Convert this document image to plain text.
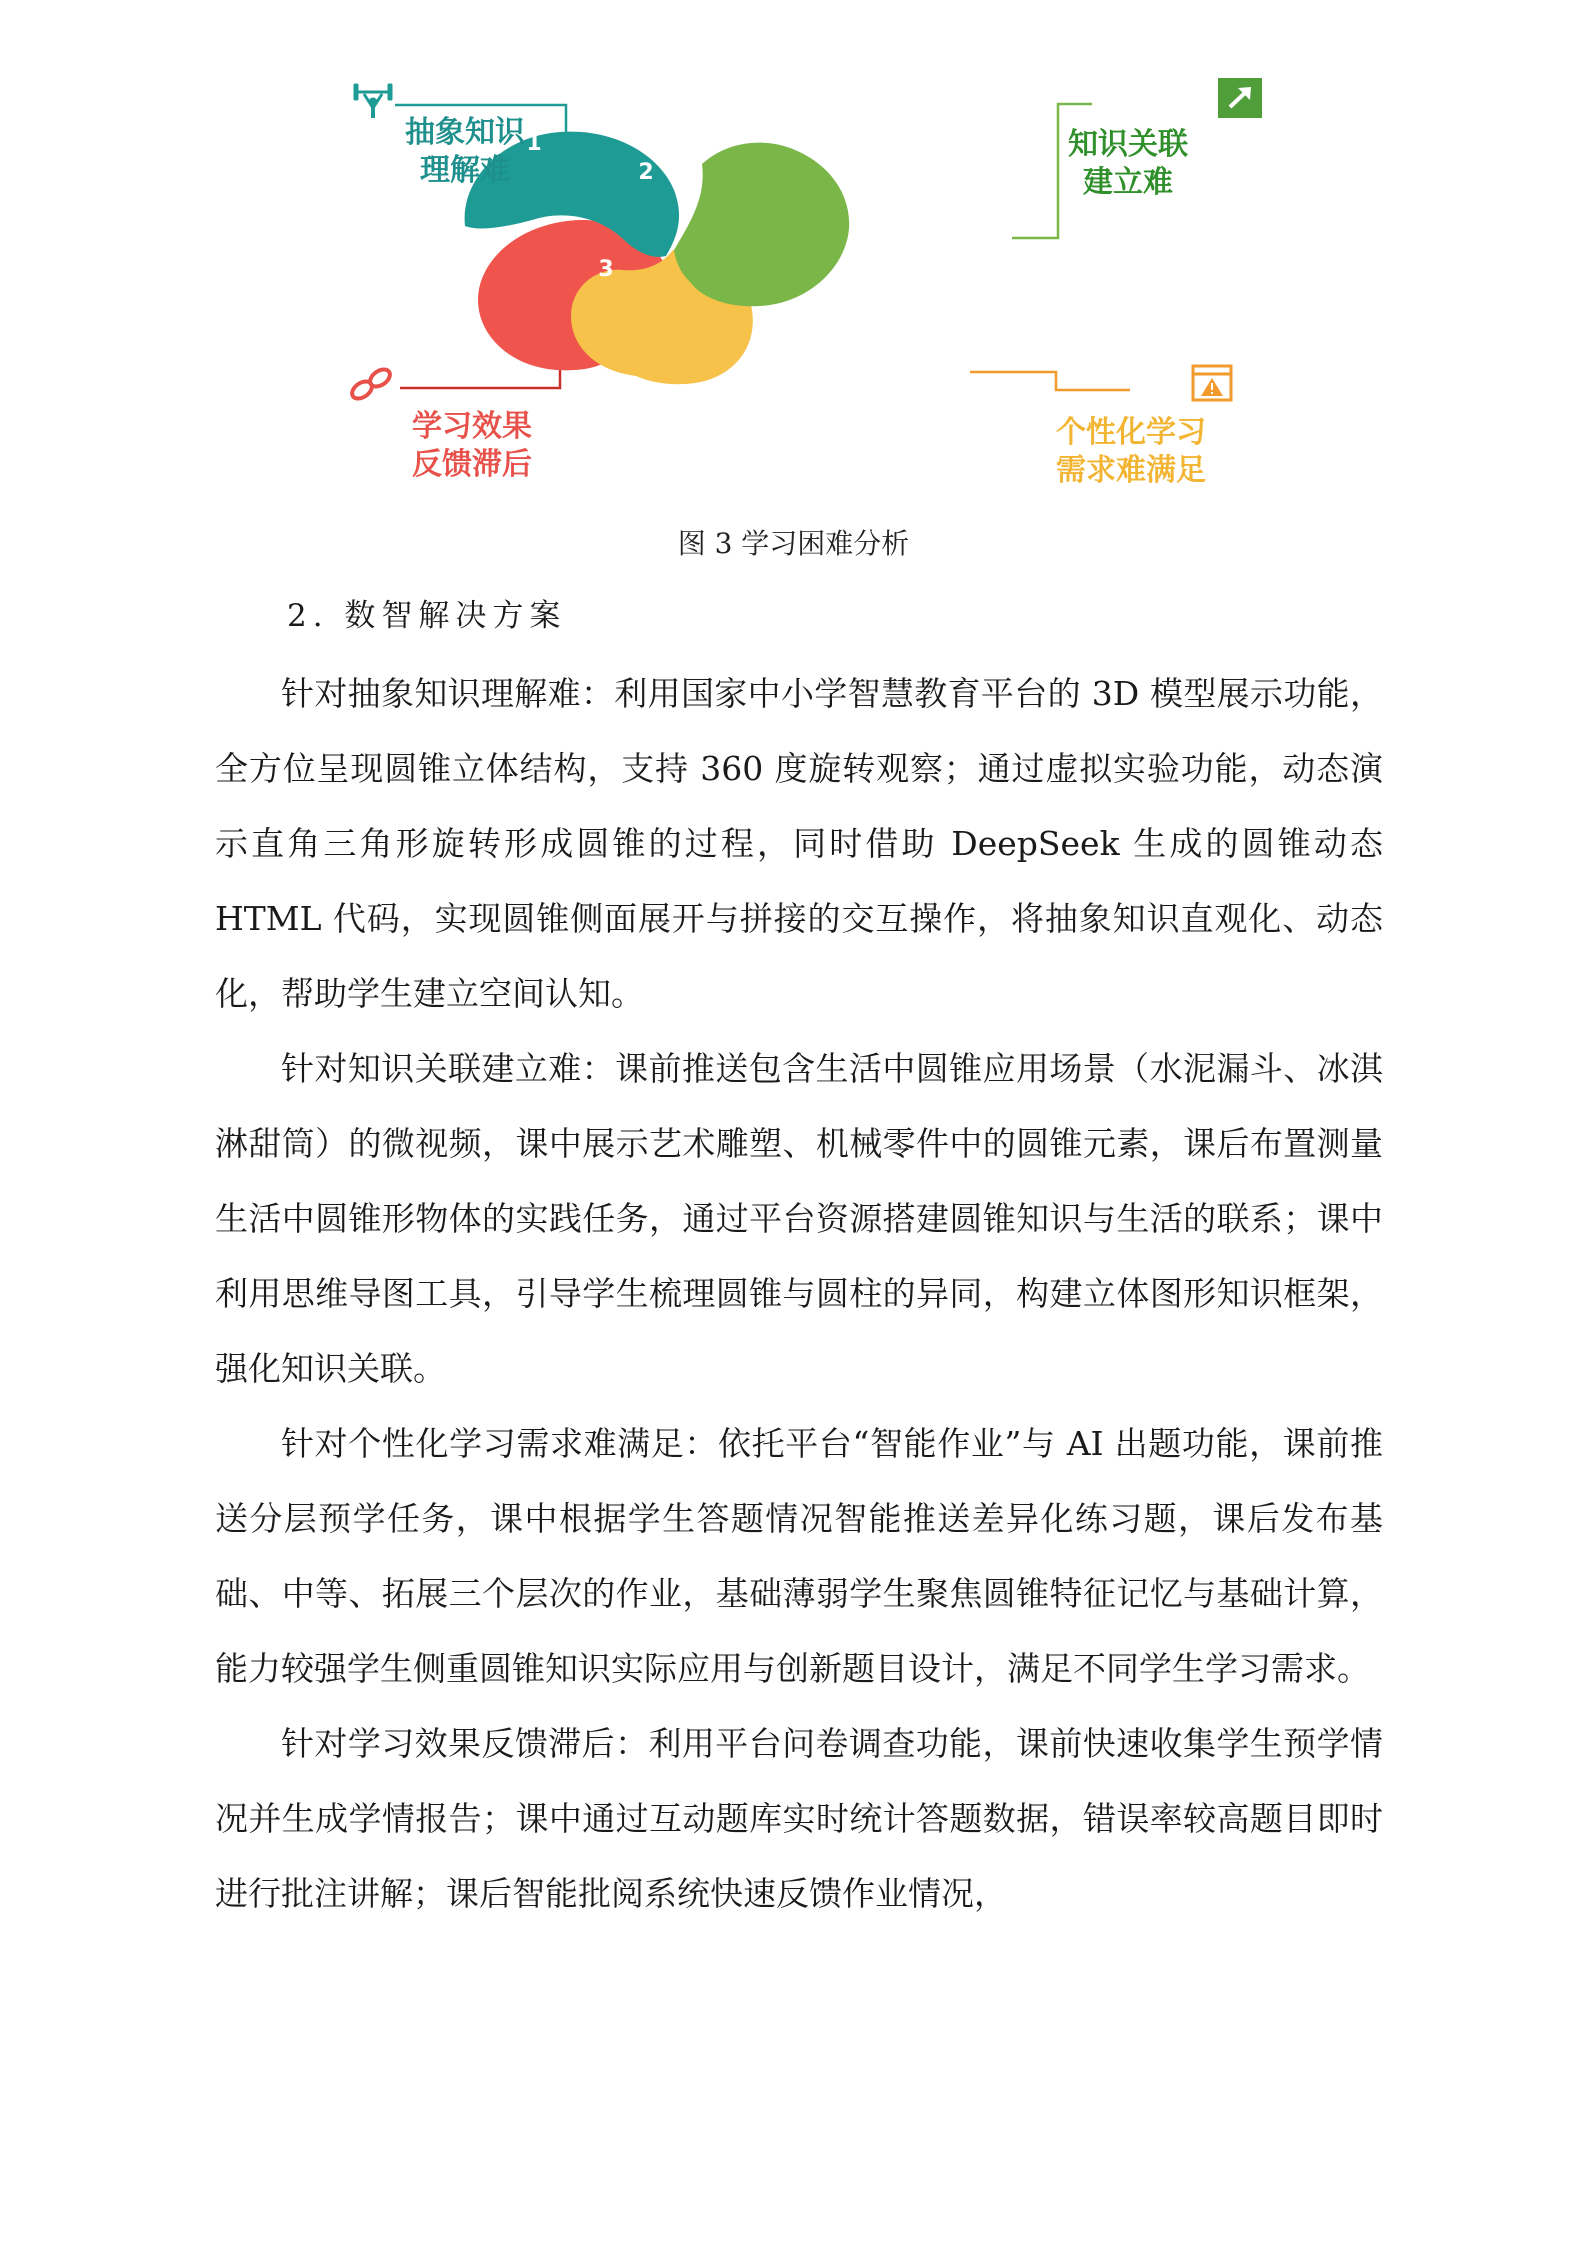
1
2
3
4
抽象知识
理解难
知识关联
建立难
个性化学习
需求难满足
学习效果
反馈滞后
图 3 学习困难分析
2. 数智解决方案

针对抽象知识理解难：利用国家中小学智慧教育平台的 3D 模型展示功能，全方位呈现圆锥立体结构，支持 360 度旋转观察；通过虚拟实验功能，动态演示直角三角形旋转形成圆锥的过程，同时借助 DeepSeek 生成的圆锥动态 HTML 代码，实现圆锥侧面展开与拼接的交互操作，将抽象知识直观化、动态化，帮助学生建立空间认知。

针对知识关联建立难：课前推送包含生活中圆锥应用场景（水泥漏斗、冰淇淋甜筒）的微视频，课中展示艺术雕塑、机械零件中的圆锥元素，课后布置测量生活中圆锥形物体的实践任务，通过平台资源搭建圆锥知识与生活的联系；课中利用思维导图工具，引导学生梳理圆锥与圆柱的异同，构建立体图形知识框架，强化知识关联。

针对个性化学习需求难满足：依托平台“智能作业”与 AI 出题功能，课前推送分层预学任务，课中根据学生答题情况智能推送差异化练习题，课后发布基础、中等、拓展三个层次的作业，基础薄弱学生聚焦圆锥特征记忆与基础计算，能力较强学生侧重圆锥知识实际应用与创新题目设计，满足不同学生学习需求。

针对学习效果反馈滞后：利用平台问卷调查功能，课前快速收集学生预学情况并生成学情报告；课中通过互动题库实时统计答题数据，错误率较高题目即时进行批注讲解；课后智能批阅系统快速反馈作业情况，
